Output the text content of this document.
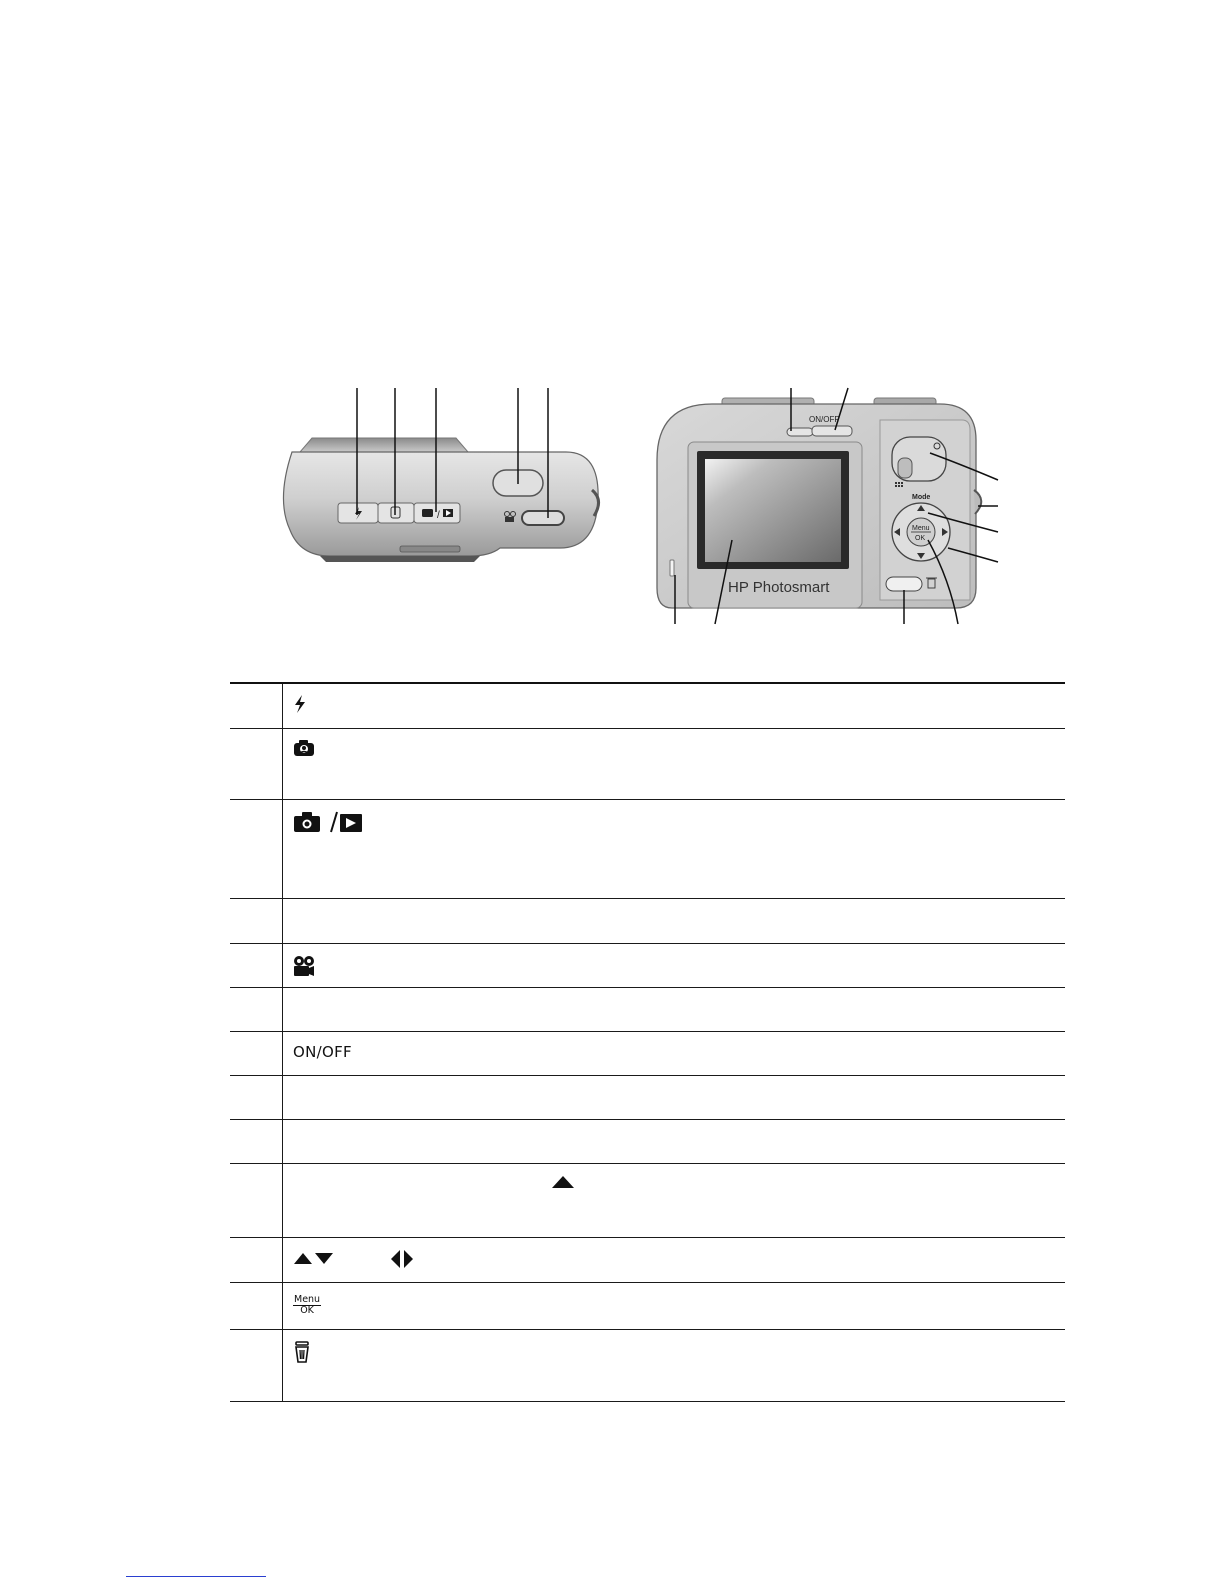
/
HP Photosmart
ON/OFF
Mode
Menu
OK

	ON/OFF

	Menu
OK
